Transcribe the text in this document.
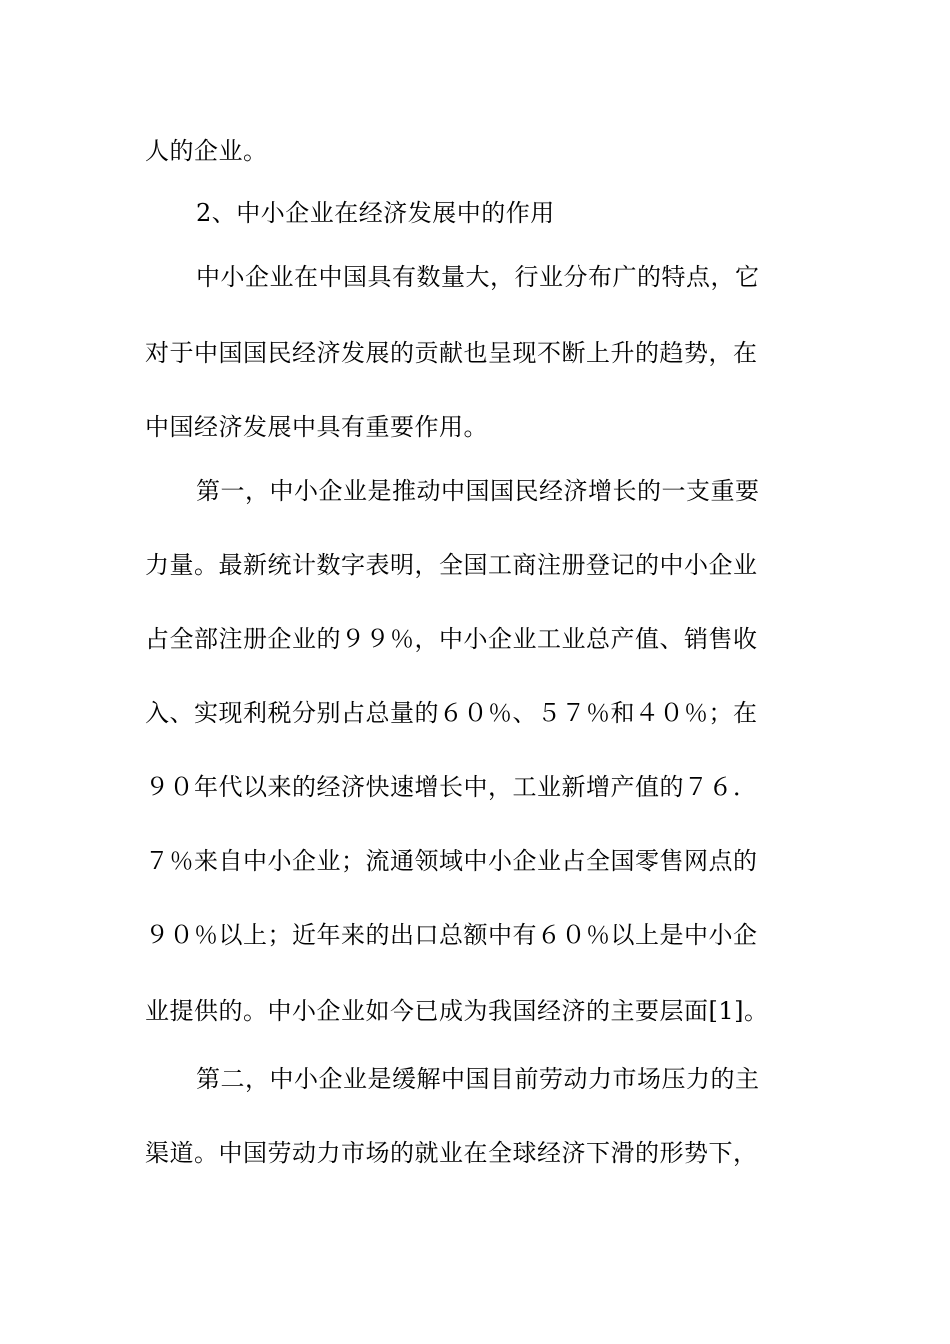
人的企业。
2、中小企业在经济发展中的作用
中小企业在中国具有数量大，行业分布广的特点，它
对于中国国民经济发展的贡献也呈现不断上升的趋势，在
中国经济发展中具有重要作用。
第一，中小企业是推动中国国民经济增长的一支重要
力量。最新统计数字表明，全国工商注册登记的中小企业
占全部注册企业的９９％，中小企业工业总产值、销售收
入、实现利税分别占总量的６０％、５７％和４０％；在
９０年代以来的经济快速增长中，工业新增产值的７６．
７％来自中小企业；流通领域中小企业占全国零售网点的
９０％以上；近年来的出口总额中有６０％以上是中小企
业提供的。中小企业如今已成为我国经济的主要层面[1]。
第二，中小企业是缓解中国目前劳动力市场压力的主
渠道。中国劳动力市场的就业在全球经济下滑的形势下，
